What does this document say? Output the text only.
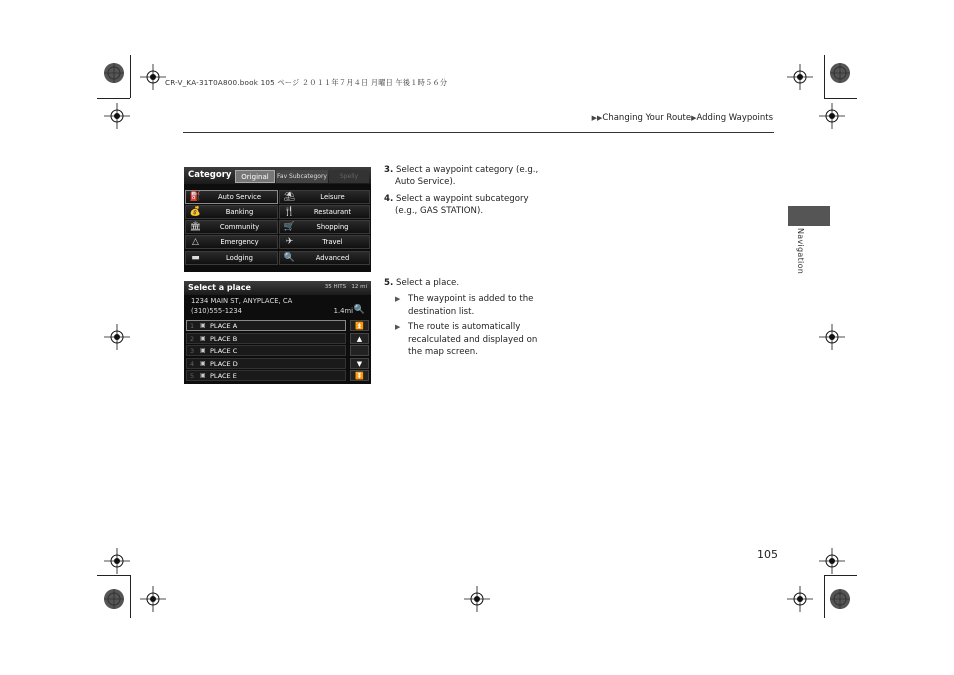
CR-V_KA-31T0A800.book 105 ページ ２０１１年７月４日 月曜日 午後１時５６分
▶▶Changing Your Route▶Adding Waypoints
Navigation
Category	Original	Fav Subcategory	Spelly
⛽	Auto Service	⛱	Leisure
💰	Banking	🍴	Restaurant
🏛	Community	🛒	Shopping
△	Emergency	✈	Travel
▬	Lodging	🔍	Advanced
Select a place	35 HITS 12 mi
1234 MAIN ST, ANYPLACE, CA
(310)555-1234	1.4mi 🔍
1 ▣ PLACE A
2 ▣ PLACE B
3 ▣ PLACE C
4 ▣ PLACE D
5 ▣ PLACE E
⏫
▲
▼
⏬
3. Select a waypoint category (e.g.,
Auto Service).
4. Select a waypoint subcategory
(e.g., GAS STATION).
5. Select a place.
▶ The waypoint is added to the
destination list.
▶ The route is automatically
recalculated and displayed on
the map screen.
105
